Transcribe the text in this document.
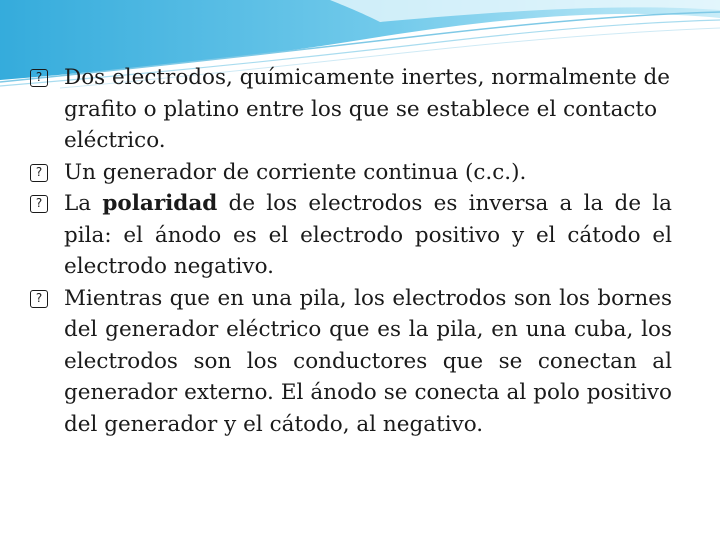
? Dos electrodos, químicamente inertes, normalmente de grafito o platino entre los que se establece el contacto eléctrico.

? Un generador de corriente continua (c.c.).

? La polaridad de los electrodos es inversa a la de la pila: el ánodo es el electrodo positivo y el cátodo el electrodo negativo.

? Mientras que en una pila, los electrodos son los bornes del generador eléctrico que es la pila, en una cuba, los electrodos son los conductores que se conectan al generador externo. El ánodo se conecta al polo positivo del generador y el cátodo, al negativo.
